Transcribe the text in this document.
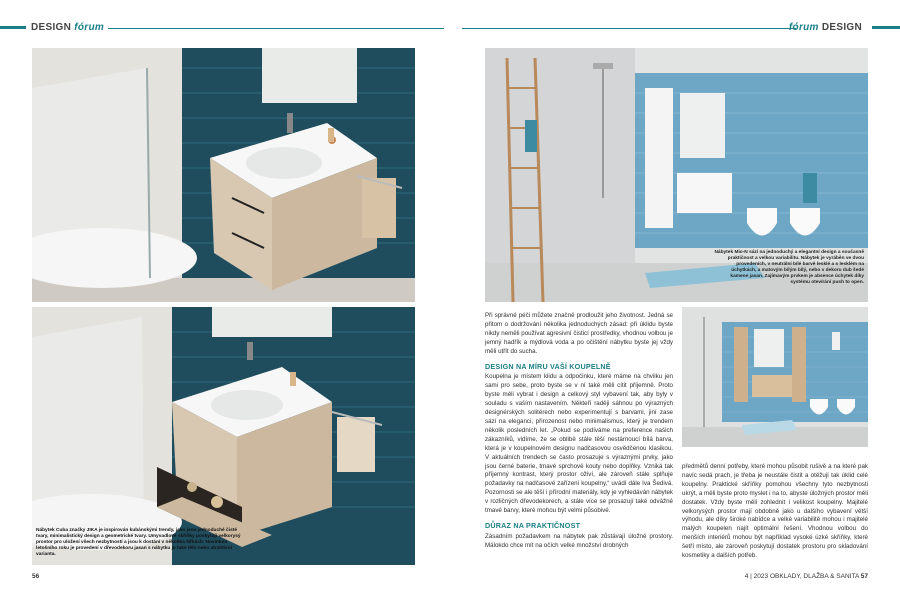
DESIGN fórum	fórum DESIGN
Nábytek Cuba značky JIKA je inspirován kubánskými trendy, jako jsou jednoduché čisté tvary, minimalistický design a geometrické tvary. Umyvadlové skříňky poskytují velkorysý prostor pro uložení všech nezbytností a jsou k dostání v několika šířkách. Novinkou letošního roku je provedení v dřevodekoru jasan s nábytku je také tělo nebo atraktivní varianta.
Nábytek Mio-N sází na jednoduchý a elegantní design a současně praktičnost a velkou variabilitu. Nábytek je vyráběn ve dvou provedeních, v neutrální bílé barvě lesklé a s lesklém na úchytkách, a matovým bílým bílý, nebo v dekoru dub šedé kamene jasan. Zajímavým prvkem je absence úchytek díky systému otevírání push to open.

Při správné péči můžete značně prodloužit jeho životnost. Jedná se přitom o dodržování několika jednoduchých zásad: při úklidu byste nikdy neměli používat agresivní čisticí prostředky, vhodnou volbou je jemný hadřík a mýdlová voda a po očištění nábytku byste jej vždy měli utřít do sucha.

DESIGN NA MÍRU VAŠÍ KOUPELNĚ

Koupelna je místem klidu a odpočinku, které máme na chvilku jen sami pro sebe, proto byste se v ní také měli cítit příjemně. Proto byste měli vybrat i design a celkový styl vybavení tak, aby byly v souladu s vaším nastavením. Někteří raději sáhnou po výrazných designérských solitérech nebo experimentují s barvami, jiní zase sází na eleganci, přirozenost nebo minimalismus, který je trendem několik posledních let. „Pokud se podíváme na preference našich zákazníků, vidíme, že se oblibě stále těší nestárnoucí bílá barva, která je v koupelnovém designu nadčasovou osvědčenou klasikou. V aktuálních trendech se často prosazuje s výraznými prvky, jako jsou černé baterie, tmavé sprchové kouty nebo doplňky. Vzniká tak příjemný kontrast, který prostor oživí, ale zároveň stále splňuje požadavky na nadčasové zařízení koupelny,“ uvádí dále Iva Šedivá. Pozornosti se ale těší i přírodní materiály, kdy je vyhledáván nábytek v rozličných dřevodekorech, a stále více se prosazují také odvážné tmavé barvy, které mohou být velmi působivé.

DŮRAZ NA PRAKTIČNOST

Zásadním požadavkem na nábytek pak zůstávají úložné prostory. Málokdo chce mít na očích velké množství drobných

předmětů denní potřeby, které mohou působit rušivě a na které pak navíc sedá prach, je třeba je neustále čistit a otěžují tak úklid celé koupelny. Praktické skříňky pomohou všechny tyto nezbytnosti ukrýt, a měli byste proto myslet i na to, abyste úložných prostor měli dostatek. Vždy byste měli zohlednit i velikost koupelny. Majitelé velkorysých prostor mají obdobně jako u dalšího vybavení větší výhodu, ale díky široké nabídce a velké variabilitě mohou i majitelé malých koupelen najít optimální řešení. Vhodnou volbou do menších interiérů mohou být například vysoké úzké skříňky, které šetří místo, ale zároveň poskytují dostatek prostoru pro skladování kosmetiky a dalších potřeb.

56	4 | 2023 OBKLADY, DLAŽBA & SANITA 57
